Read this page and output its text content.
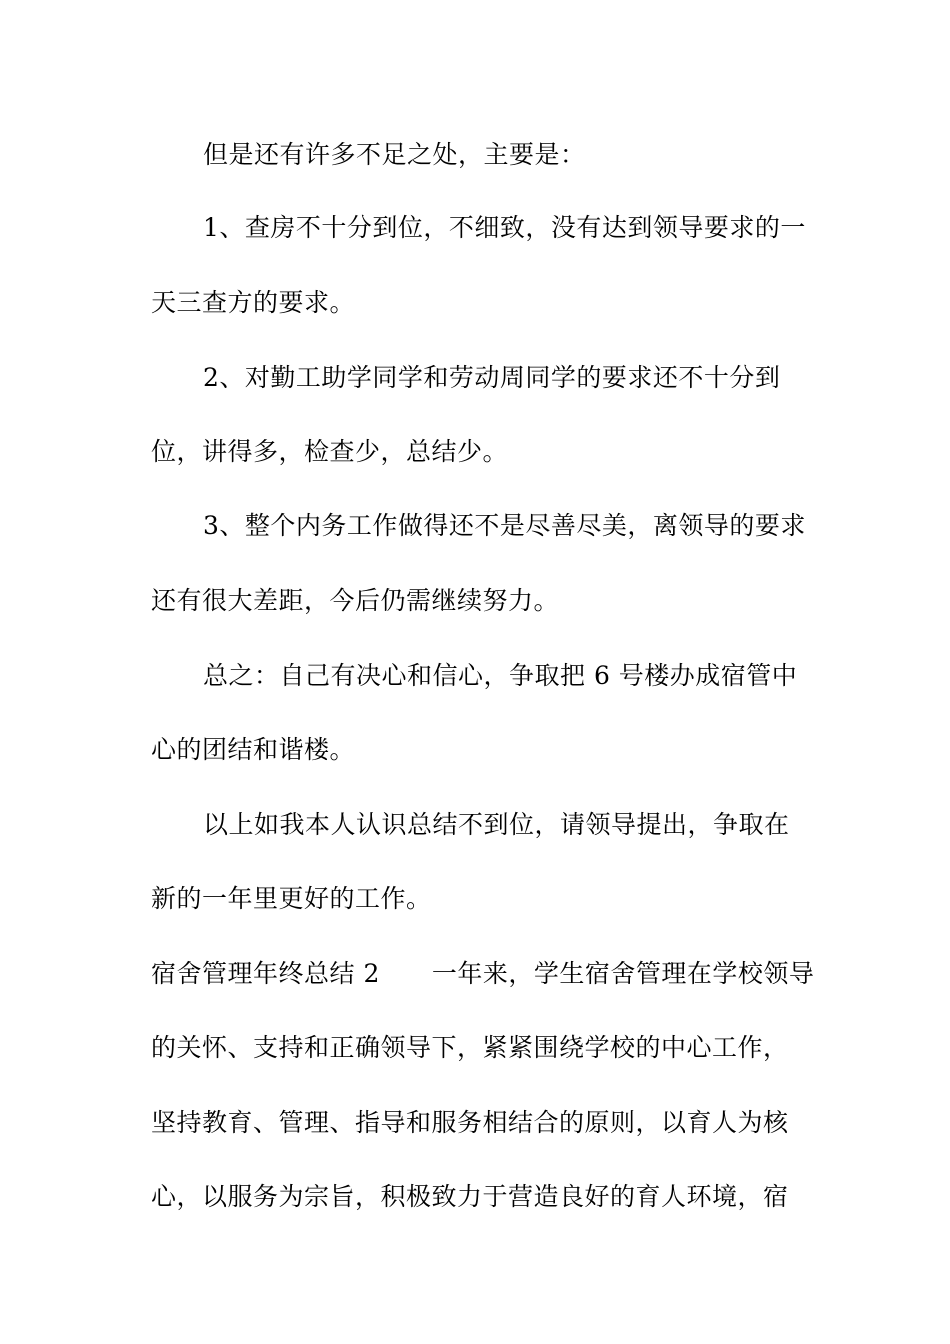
但是还有许多不足之处，主要是：
1、查房不十分到位，不细致，没有达到领导要求的一
天三查方的要求。
2、对勤工助学同学和劳动周同学的要求还不十分到
位，讲得多，检查少，总结少。
3、整个内务工作做得还不是尽善尽美，离领导的要求
还有很大差距，今后仍需继续努力。
总之：自己有决心和信心，争取把 6 号楼办成宿管中
心的团结和谐楼。
以上如我本人认识总结不到位，请领导提出，争取在
新的一年里更好的工作。
宿舍管理年终总结 2 一年来，学生宿舍管理在学校领导
的关怀、支持和正确领导下，紧紧围绕学校的中心工作，
坚持教育、管理、指导和服务相结合的原则，以育人为核
心，以服务为宗旨，积极致力于营造良好的育人环境，宿
